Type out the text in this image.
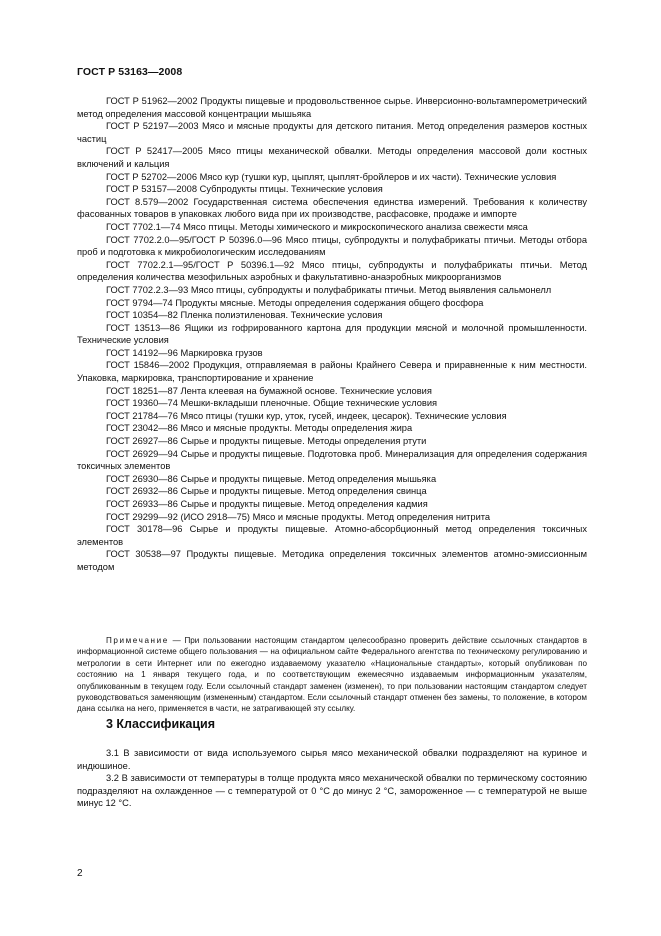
ГОСТ Р 53163—2008

ГОСТ Р 51962—2002 Продукты пищевые и продовольственное сырье. Инверсионно-вольтамперометрический метод определения массовой концентрации мышьяка

ГОСТ Р 52197—2003 Мясо и мясные продукты для детского питания. Метод определения размеров костных частиц

ГОСТ Р 52417—2005 Мясо птицы механической обвалки. Методы определения массовой доли костных включений и кальция

ГОСТ Р 52702—2006 Мясо кур (тушки кур, цыплят, цыплят-бройлеров и их части). Технические условия

ГОСТ Р 53157—2008 Субпродукты птицы. Технические условия

ГОСТ 8.579—2002 Государственная система обеспечения единства измерений. Требования к количеству фасованных товаров в упаковках любого вида при их производстве, расфасовке, продаже и импорте

ГОСТ 7702.1—74 Мясо птицы. Методы химического и микроскопического анализа свежести мяса

ГОСТ 7702.2.0—95/ГОСТ Р 50396.0—96 Мясо птицы, субпродукты и полуфабрикаты птичьи. Методы отбора проб и подготовка к микробиологическим исследованиям

ГОСТ 7702.2.1—95/ГОСТ Р 50396.1—92 Мясо птицы, субпродукты и полуфабрикаты птичьи. Метод определения количества мезофильных аэробных и факультативно-анаэробных микроорганизмов

ГОСТ 7702.2.3—93 Мясо птицы, субпродукты и полуфабрикаты птичьи. Метод выявления сальмонелл

ГОСТ 9794—74 Продукты мясные. Методы определения содержания общего фосфора

ГОСТ 10354—82 Пленка полиэтиленовая. Технические условия

ГОСТ 13513—86 Ящики из гофрированного картона для продукции мясной и молочной промышленности. Технические условия

ГОСТ 14192—96 Маркировка грузов

ГОСТ 15846—2002 Продукция, отправляемая в районы Крайнего Севера и приравненные к ним местности. Упаковка, маркировка, транспортирование и хранение

ГОСТ 18251—87 Лента клеевая на бумажной основе. Технические условия

ГОСТ 19360—74 Мешки-вкладыши пленочные. Общие технические условия

ГОСТ 21784—76 Мясо птицы (тушки кур, уток, гусей, индеек, цесарок). Технические условия

ГОСТ 23042—86 Мясо и мясные продукты. Методы определения жира

ГОСТ 26927—86 Сырье и продукты пищевые. Методы определения ртути

ГОСТ 26929—94 Сырье и продукты пищевые. Подготовка проб. Минерализация для определения содержания токсичных элементов

ГОСТ 26930—86 Сырье и продукты пищевые. Метод определения мышьяка

ГОСТ 26932—86 Сырье и продукты пищевые. Метод определения свинца

ГОСТ 26933—86 Сырье и продукты пищевые. Метод определения кадмия

ГОСТ 29299—92 (ИСО 2918—75) Мясо и мясные продукты. Метод определения нитрита

ГОСТ 30178—96 Сырье и продукты пищевые. Атомно-абсорбционный метод определения токсичных элементов

ГОСТ 30538—97 Продукты пищевые. Методика определения токсичных элементов атомно-эмиссионным методом

Примечание — При пользовании настоящим стандартом целесообразно проверить действие ссылочных стандартов в информационной системе общего пользования — на официальном сайте Федерального агентства по техническому регулированию и метрологии в сети Интернет или по ежегодно издаваемому указателю «Национальные стандарты», который опубликован по состоянию на 1 января текущего года, и по соответствующим ежемесячно издаваемым информационным указателям, опубликованным в текущем году. Если ссылочный стандарт заменен (изменен), то при пользовании настоящим стандартом следует руководствоваться заменяющим (измененным) стандартом. Если ссылочный стандарт отменен без замены, то положение, в котором дана ссылка на него, применяется в части, не затрагивающей эту ссылку.

3 Классификация

3.1 В зависимости от вида используемого сырья мясо механической обвалки подразделяют на куриное и индюшиное.

3.2 В зависимости от температуры в толще продукта мясо механической обвалки по термическому состоянию подразделяют на охлажденное — с температурой от 0 °С до минус 2 °С, замороженное — с температурой не выше минус 12 °С.

2
